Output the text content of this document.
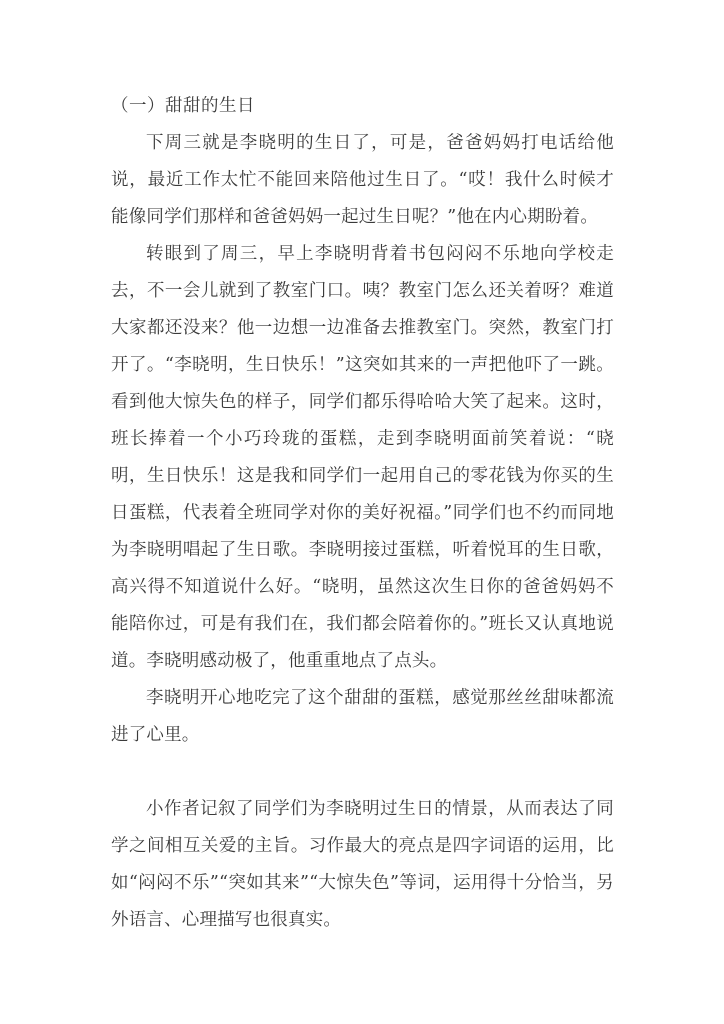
（一）甜甜的生日

下周三就是李晓明的生日了，可是，爸爸妈妈打电话给他说，最近工作太忙不能回来陪他过生日了。“哎！我什么时候才能像同学们那样和爸爸妈妈一起过生日呢？”他在内心期盼着。

转眼到了周三，早上李晓明背着书包闷闷不乐地向学校走去，不一会儿就到了教室门口。咦？教室门怎么还关着呀？难道大家都还没来？他一边想一边准备去推教室门。突然，教室门打开了。“李晓明，生日快乐！”这突如其来的一声把他吓了一跳。看到他大惊失色的样子，同学们都乐得哈哈大笑了起来。这时，班长捧着一个小巧玲珑的蛋糕，走到李晓明面前笑着说：“晓明，生日快乐！这是我和同学们一起用自己的零花钱为你买的生日蛋糕，代表着全班同学对你的美好祝福。”同学们也不约而同地为李晓明唱起了生日歌。李晓明接过蛋糕，听着悦耳的生日歌，高兴得不知道说什么好。“晓明，虽然这次生日你的爸爸妈妈不能陪你过，可是有我们在，我们都会陪着你的。”班长又认真地说道。李晓明感动极了，他重重地点了点头。

李晓明开心地吃完了这个甜甜的蛋糕，感觉那丝丝甜味都流进了心里。

小作者记叙了同学们为李晓明过生日的情景，从而表达了同学之间相互关爱的主旨。习作最大的亮点是四字词语的运用，比如“闷闷不乐”“突如其来”“大惊失色”等词，运用得十分恰当，另外语言、心理描写也很真实。
